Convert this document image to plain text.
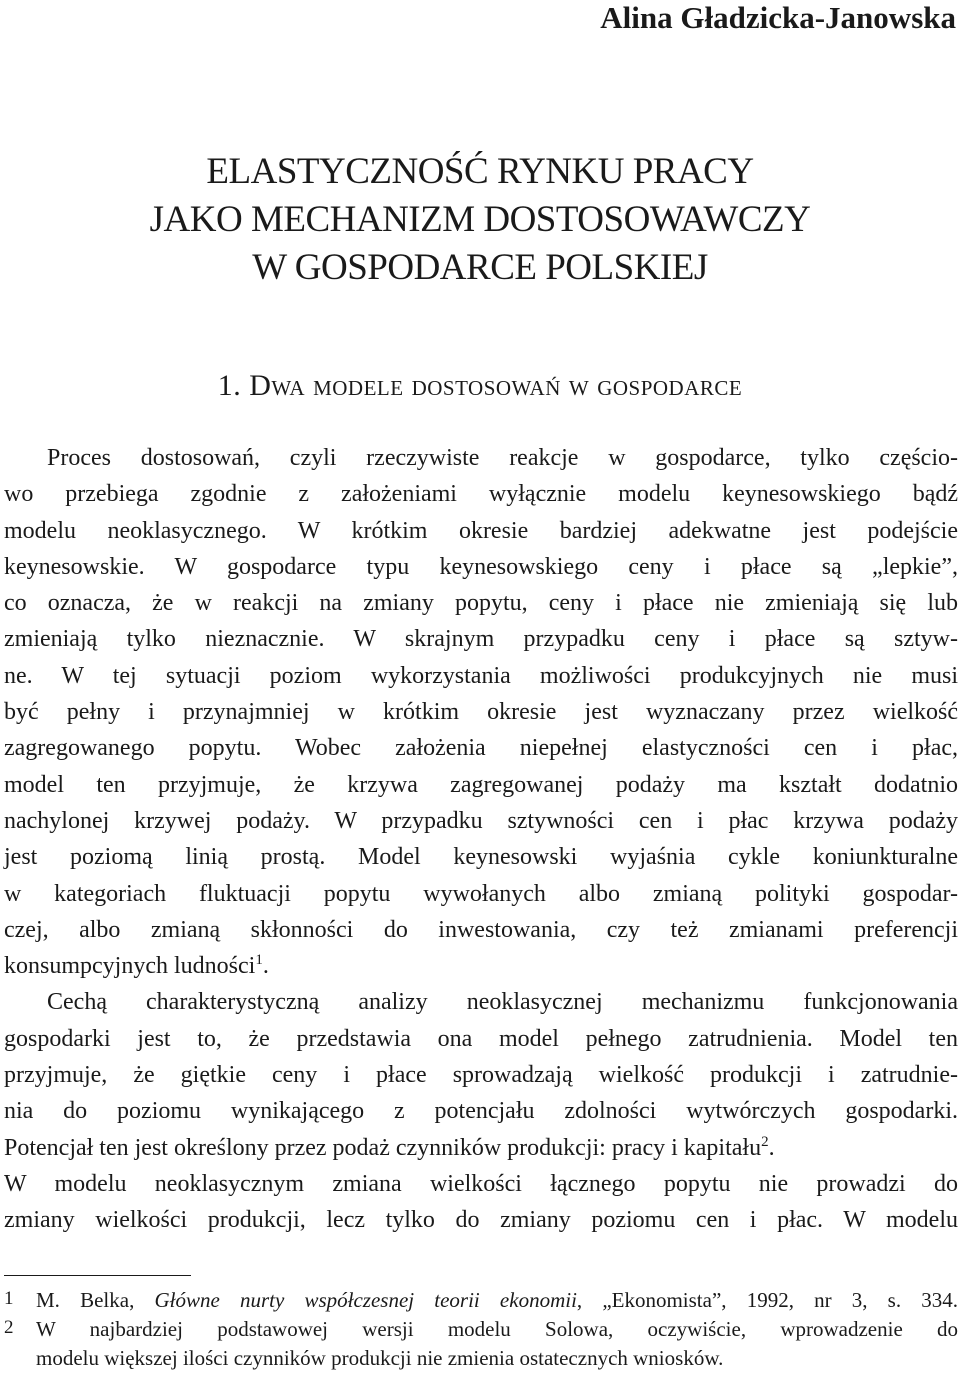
Alina Gładzicka-Janowska
ELASTYCZNOŚĆ RYNKU PRACY
JAKO MECHANIZM DOSTOSOWAWCZY
W GOSPODARCE POLSKIEJ
1. Dwa modele dostosowań w gospodarce
Proces dostosowań, czyli rzeczywiste reakcje w gospodarce, tylko częściο-
wo przebiega zgodnie z założeniami wyłącznie modelu keynesowskiego bądź
modelu neoklasycznego. W krótkim okresie bardziej adekwatne jest podejście
keynesowskie. W gospodarce typu keynesowskiego ceny i płace są „lepkie”,
co oznacza, że w reakcji na zmiany popytu, ceny i płace nie zmieniają się lub
zmieniają tylko nieznacznie. W skrajnym przypadku ceny i płace są sztyw-
ne. W tej sytuacji poziom wykorzystania możliwości produkcyjnych nie musi
być pełny i przynajmniej w krótkim okresie jest wyznaczany przez wielkość
zagregowanego popytu. Wobec założenia niepełnej elastyczności cen i płac,
model ten przyjmuje, że krzywa zagregowanej podaży ma kształt dodatnio
nachylonej krzywej podaży. W przypadku sztywności cen i płac krzywa podaży
jest poziomą linią prostą. Model keynesowski wyjaśnia cykle koniunkturalne
w kategoriach fluktuacji popytu wywołanych albo zmianą polityki gospodar-
czej, albo zmianą skłonności do inwestowania, czy też zmianami preferencji
konsumpcyjnych ludności$^1$.
Cechą charakterystyczną analizy neoklasycznej mechanizmu funkcjonowania
gospodarki jest to, że przedstawia ona model pełnego zatrudnienia. Model ten
przyjmuje, że giętkie ceny i płace sprowadzają wielkość produkcji i zatrudnie-
nia do poziomu wynikającego z potencjału zdolności wytwórczych gospodarki.
Potencjał ten jest określony przez podaż czynników produkcji: pracy i kapitału$^2$.
W modelu neoklasycznym zmiana wielkości łącznego popytu nie prowadzi do
zmiany wielkości produkcji, lecz tylko do zmiany poziomu cen i płac. W modelu
1 M. Belka, Główne nurty współczesnej teorii ekonomii, „Ekonomista”, 1992, nr 3, s. 334.
2 W najbardziej podstawowej wersji modelu Solowa, oczywiście, wprowadzenie do
modelu większej ilości czynników produkcji nie zmienia ostatecznych wniosków.
